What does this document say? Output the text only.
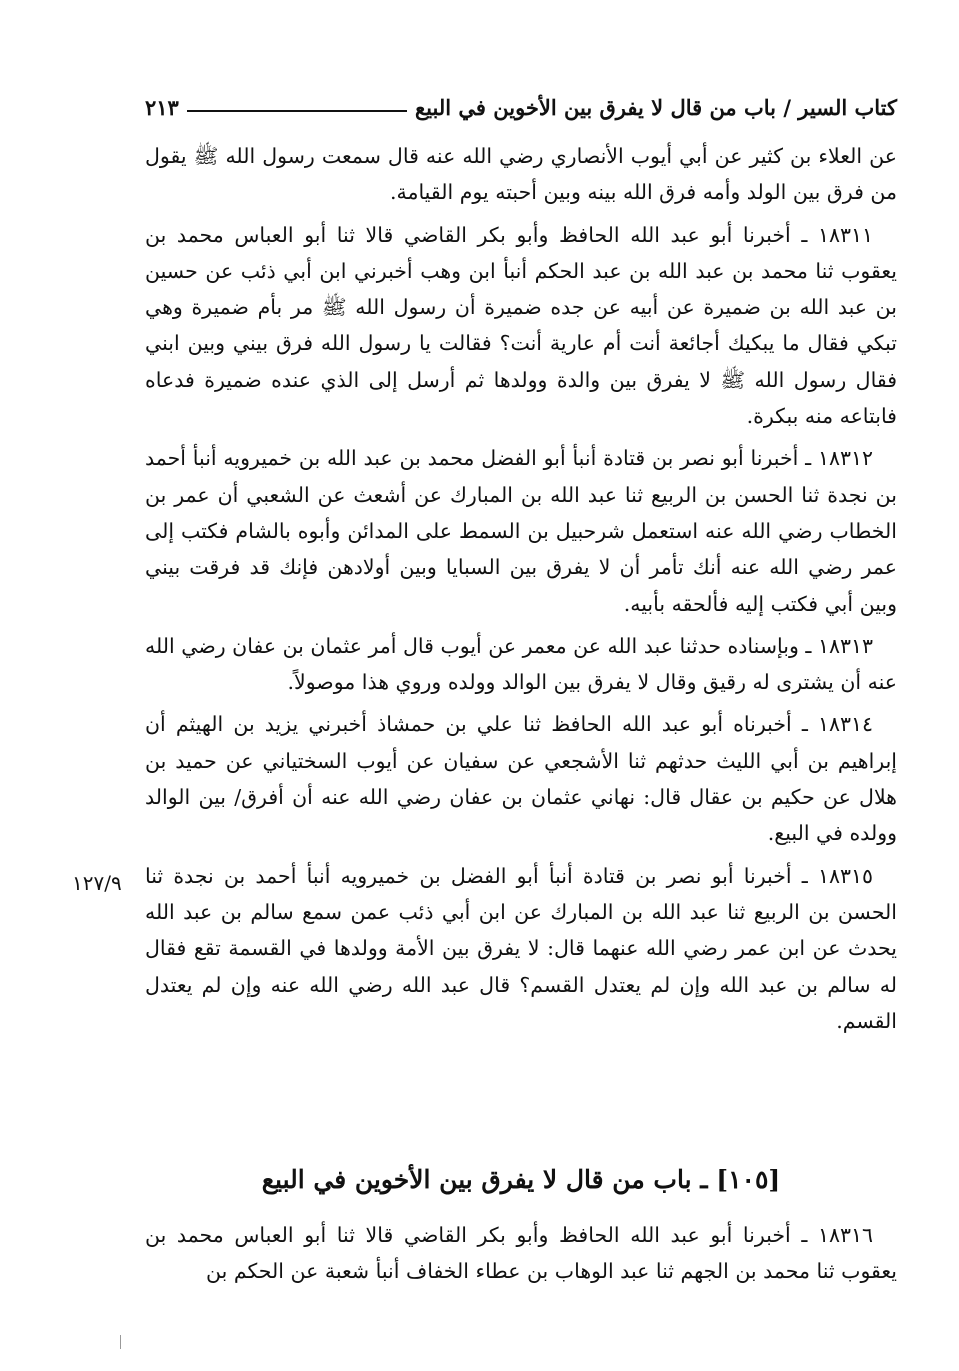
كتاب السير / باب من قال لا يفرق بين الأخوين في البيع
٢١٣

عن العلاء بن كثير عن أبي أيوب الأنصاري رضي الله عنه قال سمعت رسول الله ﷺ يقول من فرق بين الولد وأمه فرق الله بينه وبين أحبته يوم القيامة.

١٨٣١١ ـ أخبرنا أبو عبد الله الحافظ وأبو بكر القاضي قالا ثنا أبو العباس محمد بن يعقوب ثنا محمد بن عبد الله بن عبد الحكم أنبأ ابن وهب أخبرني ابن أبي ذئب عن حسين بن عبد الله بن ضميرة عن أبيه عن جده ضميرة أن رسول الله ﷺ مر بأم ضميرة وهي تبكي فقال ما يبكيك أجائعة أنت أم عارية أنت؟ فقالت يا رسول الله فرق بيني وبين ابني فقال رسول الله ﷺ لا يفرق بين والدة وولدها ثم أرسل إلى الذي عنده ضميرة فدعاه فابتاعه منه ببكرة.

١٨٣١٢ ـ أخبرنا أبو نصر بن قتادة أنبأ أبو الفضل محمد بن عبد الله بن خميرويه أنبأ أحمد بن نجدة ثنا الحسن بن الربيع ثنا عبد الله بن المبارك عن أشعث عن الشعبي أن عمر بن الخطاب رضي الله عنه استعمل شرحبيل بن السمط على المدائن وأبوه بالشام فكتب إلى عمر رضي الله عنه أنك تأمر أن لا يفرق بين السبايا وبين أولادهن فإنك قد فرقت بيني وبين أبي فكتب إليه فألحقه بأبيه.

١٨٣١٣ ـ وبإسناده حدثنا عبد الله عن معمر عن أيوب قال أمر عثمان بن عفان رضي الله عنه أن يشترى له رقيق وقال لا يفرق بين الوالد وولده وروي هذا موصولاً.

١٨٣١٤ ـ أخبرناه أبو عبد الله الحافظ ثنا علي بن حمشاذ أخبرني يزيد بن الهيثم أن إبراهيم بن أبي الليث حدثهم ثنا الأشجعي عن سفيان عن أيوب السختياني عن حميد بن هلال عن حكيم بن عقال قال: نهاني عثمان بن عفان رضي الله عنه أن أفرق/ بين الوالد وولده في البيع.

١٨٣١٥ ـ أخبرنا أبو نصر بن قتادة أنبأ أبو الفضل بن خميرويه أنبأ أحمد بن نجدة ثنا الحسن بن الربيع ثنا عبد الله بن المبارك عن ابن أبي ذئب عمن سمع سالم بن عبد الله يحدث عن ابن عمر رضي الله عنهما قال: لا يفرق بين الأمة وولدها في القسمة تقع فقال له سالم بن عبد الله وإن لم يعتدل القسم؟ قال عبد الله رضي الله عنه وإن لم يعتدل القسم.

١٢٧/٩
[١٠٥] ـ باب من قال لا يفرق بين الأخوين في البيع

١٨٣١٦ ـ أخبرنا أبو عبد الله الحافظ وأبو بكر القاضي قالا ثنا أبو العباس محمد بن يعقوب ثنا محمد بن الجهم ثنا عبد الوهاب بن عطاء الخفاف أنبأ شعبة عن الحكم بن
